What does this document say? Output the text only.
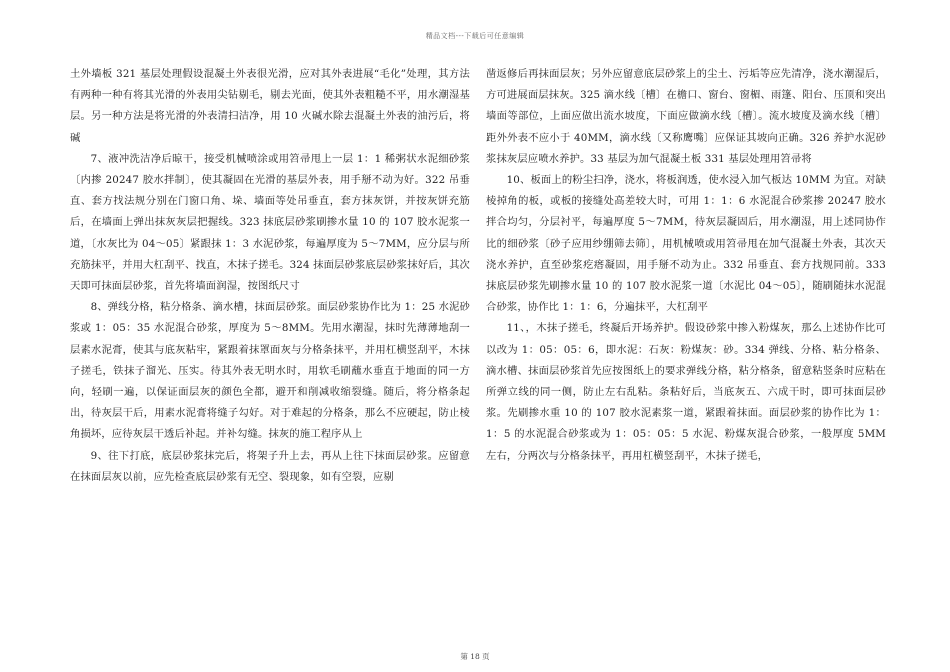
精品文档---下载后可任意编辑

土外墙板 321 基层处理假设混凝土外表很光滑，应对其外表进展“毛化”处理，其方法有两种一种有将其光滑的外表用尖钻剔毛，剔去光面，使其外表粗糙不平，用水潮湿基层。另一种方法是将光滑的外表清扫洁净，用 10 火碱水除去混凝土外表的油污后，将碱

7、液冲洗洁净后晾干，接受机械喷涂或用笤帚甩上一层 1：1 稀粥状水泥细砂浆〔内掺 20247 胶水拌制〕，使其凝固在光滑的基层外表，用手掰不动为好。322 吊垂直、套方找法规分别在门窗口角、垛、墙面等处吊垂直，套方抹灰饼，并按灰饼充筋后，在墙面上弹出抹灰灰层把握线。323 抹底层砂浆刷掺水量 10 的 107 胶水泥浆一道，〔水灰比为 04～05〕紧跟抹 1：3 水泥砂浆，每遍厚度为 5～7MM，应分层与所充筋抹平，并用大杠刮平、找直，木抹子搓毛。324 抹面层砂浆底层砂浆抹好后，其次天即可抹面层砂浆，首先将墙面润湿，按图纸尺寸

8、弹线分格，粘分格条、滴水槽，抹面层砂浆。面层砂浆协作比为 1：25 水泥砂浆或 1：05：35 水泥混合砂浆，厚度为 5～8MM。先用水潮湿，抹时先薄薄地刮一层素水泥膏，使其与底灰粘牢，紧跟着抹罩面灰与分格条抹平，并用杠横竖刮平，木抹子搓毛，铁抹子溜光、压实。待其外表无明水时，用软毛刷蘸水垂直于地面的同一方向，轻刷一遍，以保证面层灰的颜色全都，避开和削减收缩裂缝。随后，将分格条起出，待灰层干后，用素水泥膏将缝子勾好。对于难起的分格条，那么不应硬起，防止棱角损坏，应待灰层干透后补起。并补勾缝。抹灰的施工程序从上

9、往下打底，底层砂浆抹完后，将架子升上去，再从上往下抹面层砂浆。应留意在抹面层灰以前，应先检查底层砂浆有无空、裂现象，如有空裂，应剔

凿返修后再抹面层灰；另外应留意底层砂浆上的尘土、污垢等应先清净，浇水潮湿后，方可进展面层抹灰。325 滴水线〔槽〕在檐口、窗台、窗楣、雨篷、阳台、压顶和突出墙面等部位，上面应做出流水坡度，下面应做滴水线〔槽〕。流水坡度及滴水线〔槽〕距外外表不应小于 40MM，滴水线〔又称鹰嘴〕应保证其坡向正确。326 养护水泥砂浆抹灰层应喷水养护。33 基层为加气混凝土板 331 基层处理用笤帚将

10、板面上的粉尘扫净，浇水，将板润透，使水浸入加气板达 10MM 为宜。对缺棱掉角的板，或板的接缝处高差较大时，可用 1：1：6 水泥混合砂浆掺 20247 胶水拌合均匀，分层衬平，每遍厚度 5～7MM，待灰层凝固后，用水潮湿，用上述同协作比的细砂浆〔砂子应用纱绷筛去筛〕，用机械喷或用笤帚甩在加气混凝土外表，其次天浇水养护，直至砂浆疙瘩凝固，用手掰不动为止。332 吊垂直、套方找规同前。333 抹底层砂浆先刷掺水量 10 的 107 胶水泥浆一道〔水泥比 04～05〕，随刷随抹水泥混合砂浆，协作比 1：1：6，分遍抹平，大杠刮平

11、，木抹子搓毛，终凝后开场养护。假设砂浆中掺入粉煤灰，那么上述协作比可以改为 1：05：05：6，即水泥：石灰：粉煤灰：砂。334 弹线、分格、粘分格条、滴水槽、抹面层砂浆首先应按图纸上的要求弹线分格，粘分格条，留意粘竖条时应粘在所弹立线的同一侧，防止左右乱粘。条粘好后，当底灰五、六成干时，即可抹面层砂浆。先刷掺水重 10 的 107 胶水泥素浆一道，紧跟着抹面。面层砂浆的协作比为 1：1：5 的水泥混合砂浆或为 1：05：05：5 水泥、粉煤灰混合砂浆，一般厚度 5MM 左右，分两次与分格条抹平，再用杠横竖刮平，木抹子搓毛，

第 18 页
